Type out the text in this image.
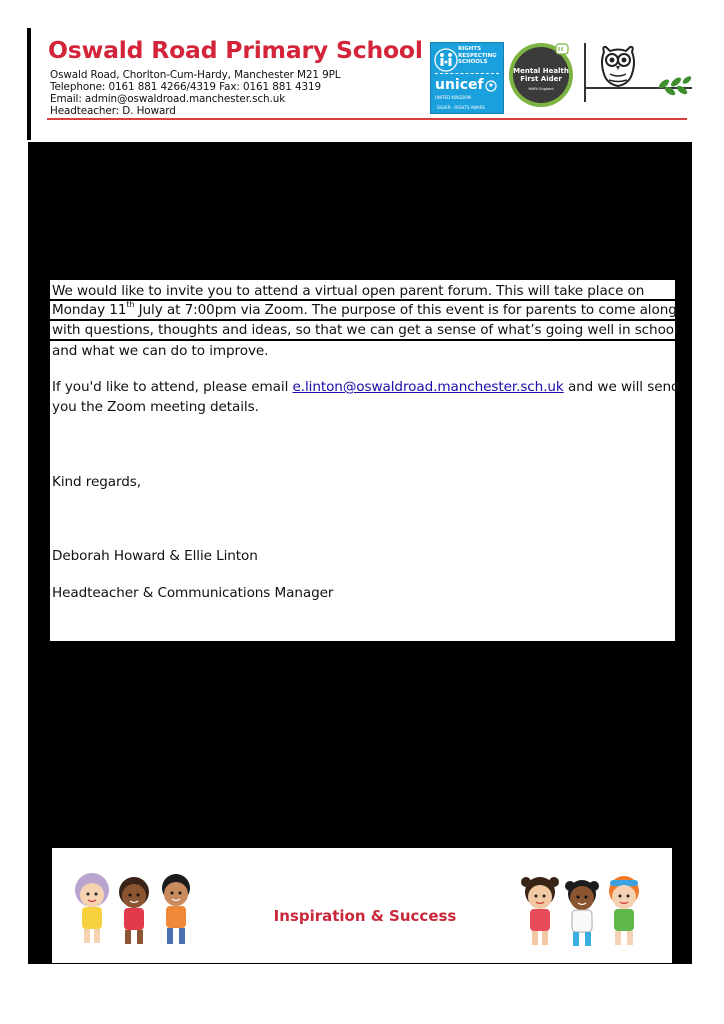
Oswald Road Primary School
Oswald Road, Chorlton-Cum-Hardy, Manchester M21 9PL
Telephone: 0161 881 4266/4319 Fax: 0161 881 4319
Email: admin@oswaldroad.manchester.sch.uk
Headteacher: D. Howard
RIGHTS
RESPECTING
SCHOOLS
unicef
UNITED KINGDOM
SILVER · RIGHTS AWARE
Mental Health
First Aider
MHFA England
We would like to invite you to attend a virtual open parent forum. This will take place on
Monday 11th July at 7:00pm via Zoom. The purpose of this event is for parents to come along
with questions, thoughts and ideas, so that we can get a sense of what’s going well in school
and what we can do to improve.
If you'd like to attend, please email e.linton@oswaldroad.manchester.sch.uk and we will send
you the Zoom meeting details.
Kind regards,
Deborah Howard & Ellie Linton
Headteacher & Communications Manager
Inspiration & Success
